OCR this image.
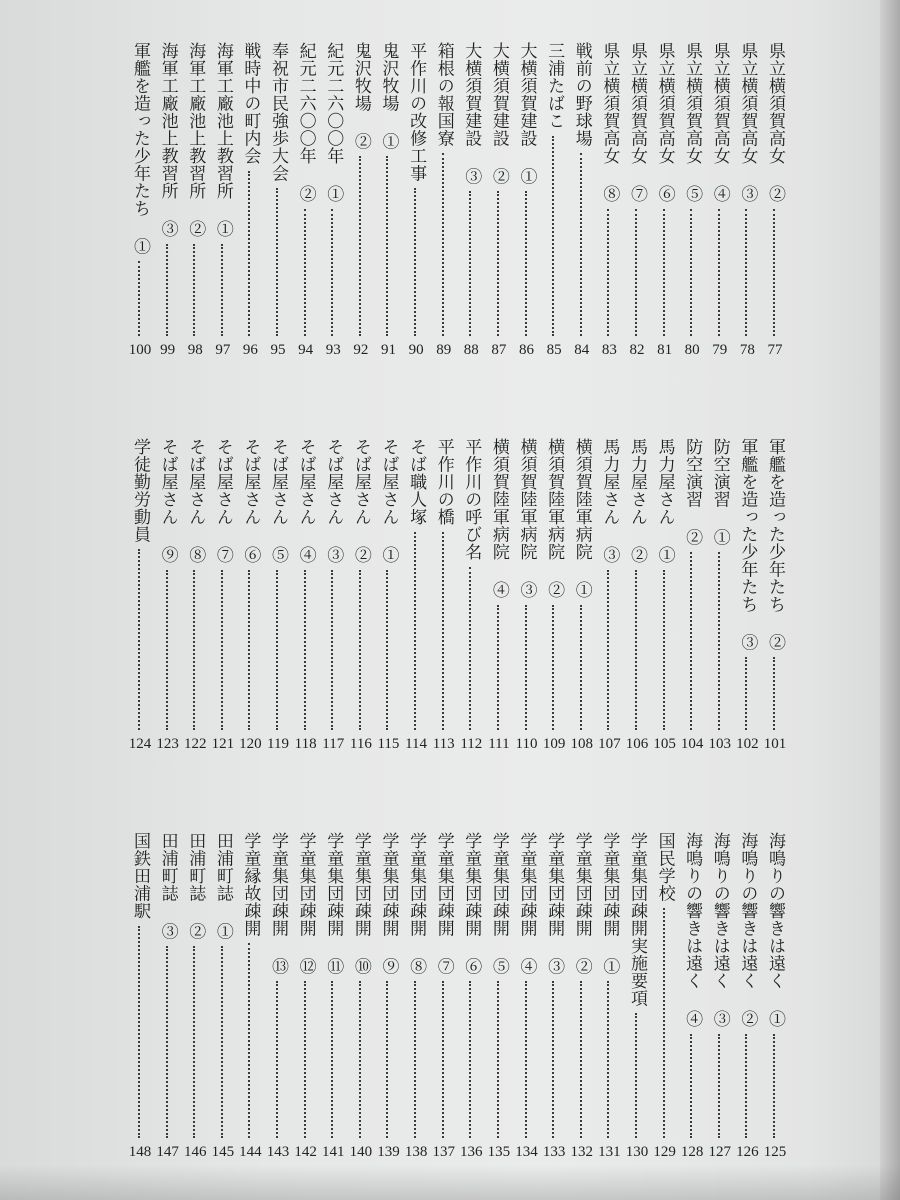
県立横須賀高女 ②
77
県立横須賀高女 ③
78
県立横須賀高女 ④
79
県立横須賀高女 ⑤
80
県立横須賀高女 ⑥
81
県立横須賀高女 ⑦
82
県立横須賀高女 ⑧
83
戦前の野球場
84
三浦たばこ
85
大横須賀建設 ①
86
大横須賀建設 ②
87
大横須賀建設 ③
88
箱根の報国寮
89
平作川の改修工事
90
鬼沢牧場 ①
91
鬼沢牧場 ②
92
紀元二六〇〇年 ①
93
紀元二六〇〇年 ②
94
奉祝市民強歩大会
95
戦時中の町内会
96
海軍工廠池上教習所 ①
97
海軍工廠池上教習所 ②
98
海軍工廠池上教習所 ③
99
軍艦を造った少年たち ①
100
軍艦を造った少年たち ②
101
軍艦を造った少年たち ③
102
防空演習 ①
103
防空演習 ②
104
馬力屋さん ①
105
馬力屋さん ②
106
馬力屋さん ③
107
横須賀陸軍病院 ①
108
横須賀陸軍病院 ②
109
横須賀陸軍病院 ③
110
横須賀陸軍病院 ④
111
平作川の呼び名
112
平作川の橋
113
そば職人塚
114
そば屋さん ①
115
そば屋さん ②
116
そば屋さん ③
117
そば屋さん ④
118
そば屋さん ⑤
119
そば屋さん ⑥
120
そば屋さん ⑦
121
そば屋さん ⑧
122
そば屋さん ⑨
123
学徒勤労動員
124
海鳴りの響きは遠く ①
125
海鳴りの響きは遠く ②
126
海鳴りの響きは遠く ③
127
海鳴りの響きは遠く ④
128
国民学校
129
学童集団疎開実施要項
130
学童集団疎開 ①
131
学童集団疎開 ②
132
学童集団疎開 ③
133
学童集団疎開 ④
134
学童集団疎開 ⑤
135
学童集団疎開 ⑥
136
学童集団疎開 ⑦
137
学童集団疎開 ⑧
138
学童集団疎開 ⑨
139
学童集団疎開 ⑩
140
学童集団疎開 ⑪
141
学童集団疎開 ⑫
142
学童集団疎開 ⑬
143
学童縁故疎開
144
田浦町誌 ①
145
田浦町誌 ②
146
田浦町誌 ③
147
国鉄田浦駅
148
